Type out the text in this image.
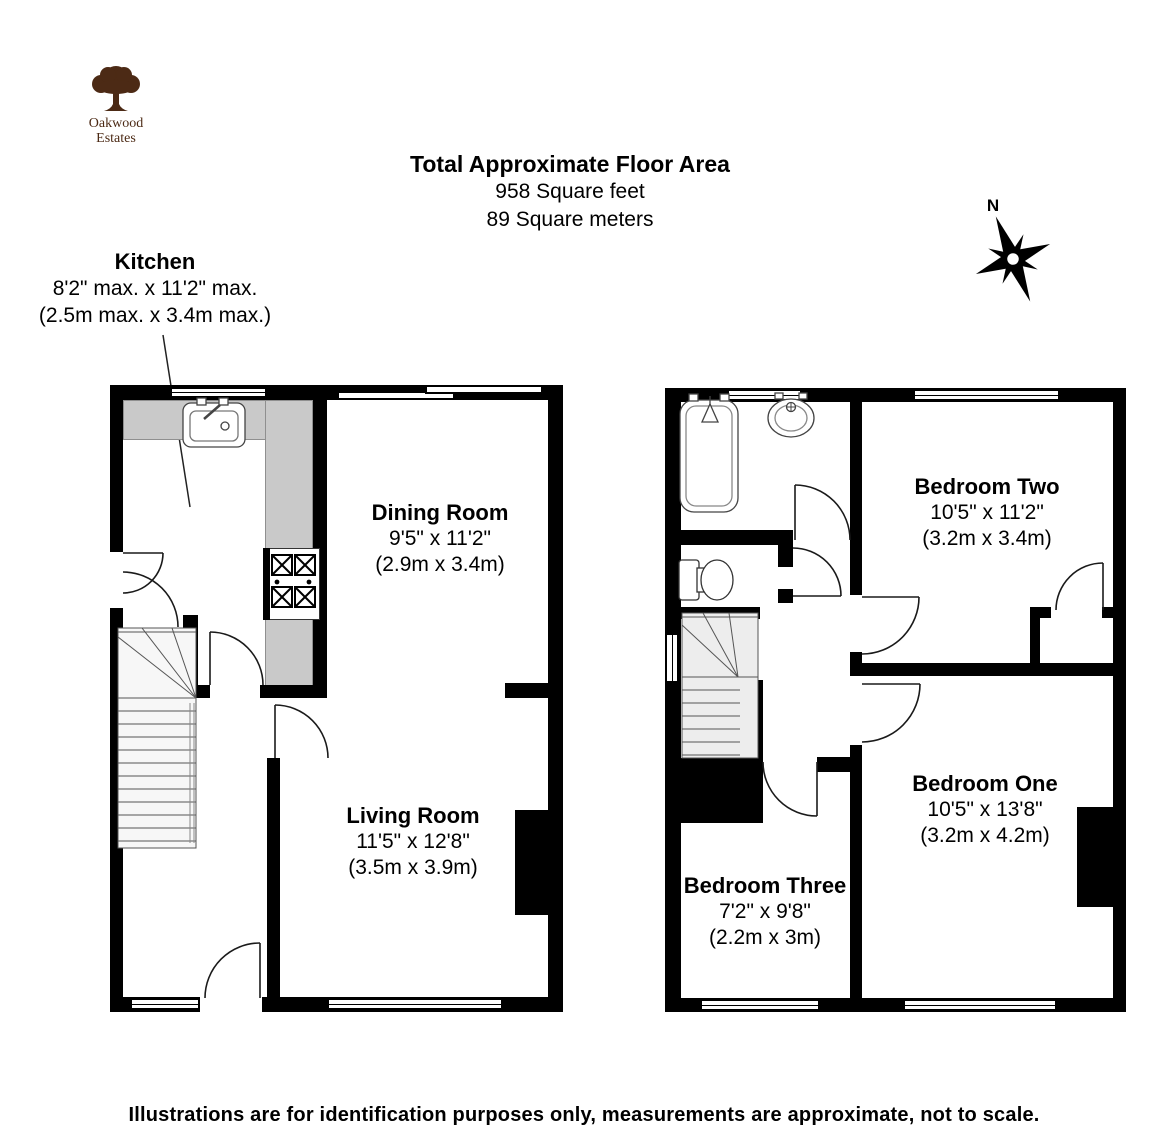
Oakwood
Estates
Total Approximate Floor Area
958 Square feet
89 Square meters
Kitchen
8'2" max. x 11'2" max.
(2.5m max. x 3.4m max.)
N
Dining Room
9'5" x 11'2"
(2.9m x 3.4m)
Living Room
11'5" x 12'8"
(3.5m x 3.9m)
Bedroom Two
10'5" x 11'2"
(3.2m x 3.4m)
Bedroom One
10'5" x 13'8"
(3.2m x 4.2m)
Bedroom Three
7'2" x 9'8"
(2.2m x 3m)
Illustrations are for identification purposes only, measurements are approximate, not to scale.
